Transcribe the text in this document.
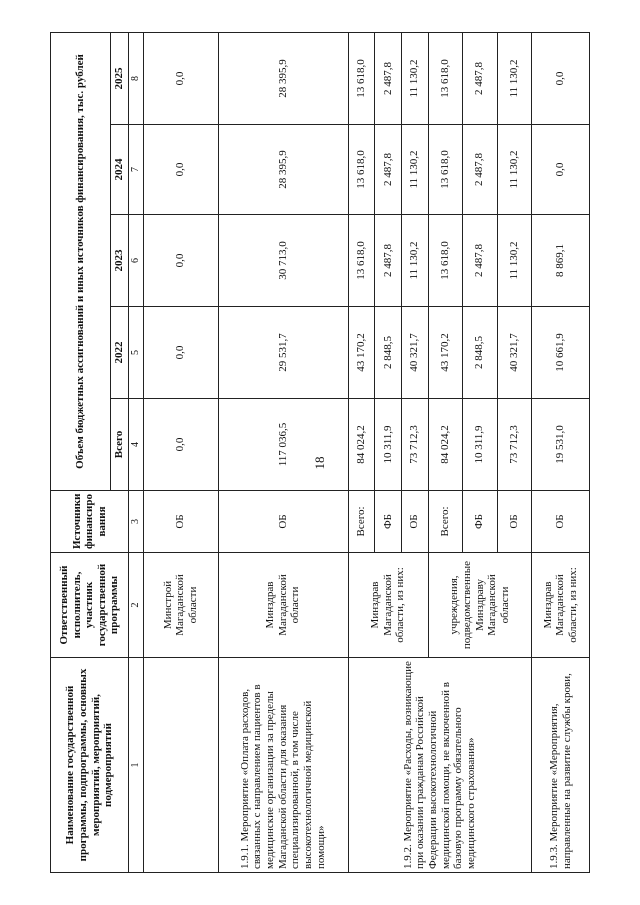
18
Наименование государственной программы, подпрограммы, основных мероприятий, мероприятий, подмероприятий	Ответственный исполнитель, участник государственной программы	Источники финансиро вания	Объем бюджетных ассигнований и иных источников финансирования, тыс. рублей				
			Всего	2022	2023	2024	2025
1	2	3	4	5	6	7	8
	Минстрой Магаданской области	ОБ	0,0	0,0	0,0	0,0	0,0
1.9.1. Мероприятие «Оплата расходов, связанных с направлением пациентов в медицинские организации за пределы Магаданской области для оказания специализированной, в том числе высокотехнологичной медицинской помощи»	Минздрав Магаданской области	ОБ	117 036,5	29 531,7	30 713,0	28 395,9	28 395,9
1.9.2. Мероприятие «Расходы, возникающие при оказании гражданам Российской Федерации высокотехнологичной медицинской помощи, не включенной в базовую программу обязательного медицинского страхования»	Минздрав Магаданской области, из них:	Всего:	84 024,2	43 170,2	13 618,0	13 618,0	13 618,0
		ФБ	10 311,9	2 848,5	2 487,8	2 487,8	2 487,8
		ОБ	73 712,3	40 321,7	11 130,2	11 130,2	11 130,2
	учреждения, подведомственные Минздраву Магаданской области	Всего:	84 024,2	43 170,2	13 618,0	13 618,0	13 618,0
		ФБ	10 311,9	2 848,5	2 487,8	2 487,8	2 487,8
		ОБ	73 712,3	40 321,7	11 130,2	11 130,2	11 130,2
1.9.3. Мероприятие «Мероприятия, направленные на развитие службы крови,	Минздрав Магаданской области, из них:	ОБ	19 531,0	10 661,9	8 869,1	0,0	0,0
